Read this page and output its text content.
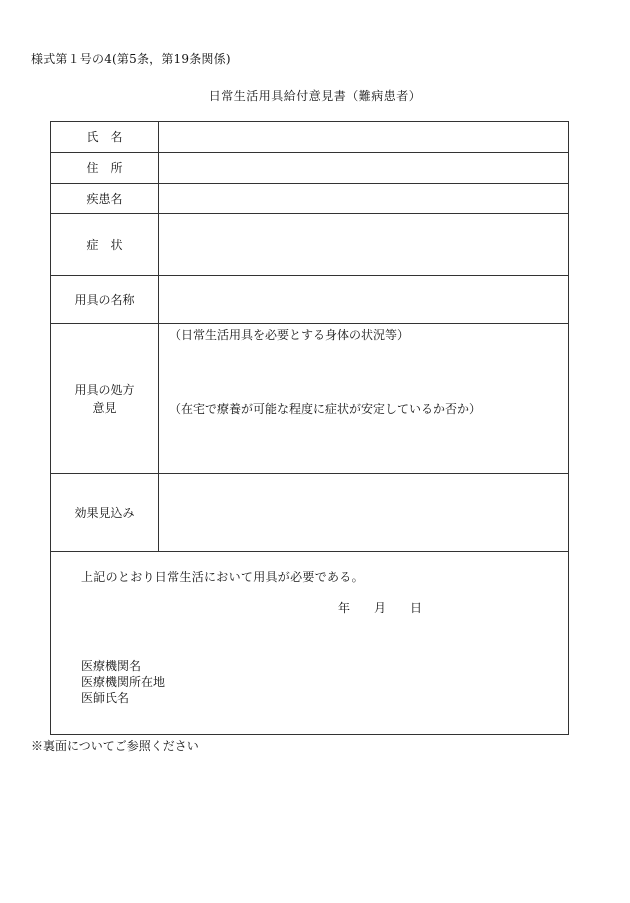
様式第１号の4(第5条，第19条関係)
日常生活用具給付意見書（難病患者）
氏　名
住　所
疾患名
症　状
用具の名称
用具の処方
意見
（日常生活用具を必要とする身体の状況等）
（在宅で療養が可能な程度に症状が安定しているか否か）
効果見込み
上記のとおり日常生活において用具が必要である。
年	月	日
医療機関名
医療機関所在地
医師氏名
※裏面についてご参照ください
